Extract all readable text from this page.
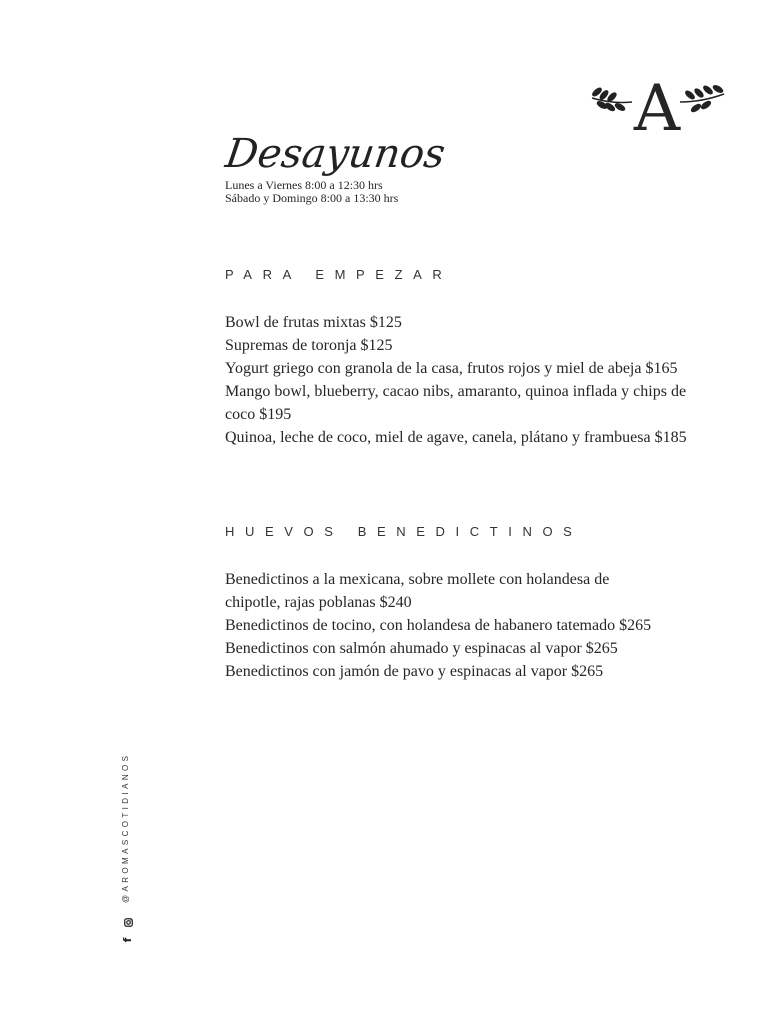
A
Desayunos
Lunes a Viernes 8:00 a 12:30 hrs
Sábado y Domingo 8:00 a 13:30 hrs
PARA EMPEZAR
Bowl de frutas mixtas $125
Supremas de toronja $125
Yogurt griego con granola de la casa, frutos rojos y miel de abeja $165
Mango bowl, blueberry, cacao nibs, amaranto, quinoa inflada y chips de coco $195
Quinoa, leche de coco, miel de agave, canela, plátano y frambuesa $185
HUEVOS BENEDICTINOS
Benedictinos a la mexicana, sobre mollete con holandesa de chipotle, rajas poblanas $240
Benedictinos de tocino, con holandesa de habanero tatemado $265
Benedictinos con salmón ahumado y espinacas al vapor $265
Benedictinos con jamón de pavo y espinacas al vapor $265
@AROMASCOTIDIANOS
f
